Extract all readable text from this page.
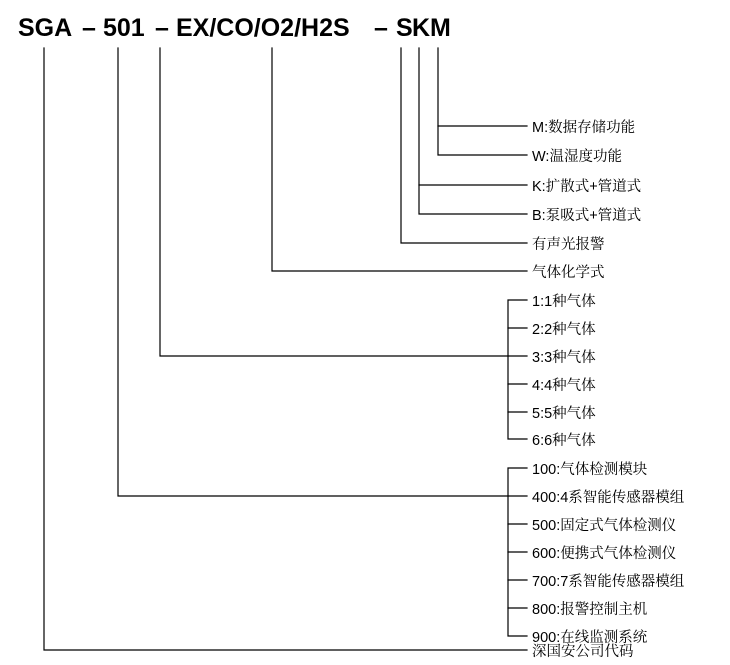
SGA – 501 – EX/CO/O2/H2S – S K M
M:数据存储功能
W:温湿度功能
K:扩散式+管道式
B:泵吸式+管道式
有声光报警
气体化学式
1:1种气体
2:2种气体
3:3种气体
4:4种气体
5:5种气体
6:6种气体
100:气体检测模块
400:4系智能传感器模组
500:固定式气体检测仪
600:便携式气体检测仪
700:7系智能传感器模组
800:报警控制主机
900:在线监测系统
深国安公司代码
